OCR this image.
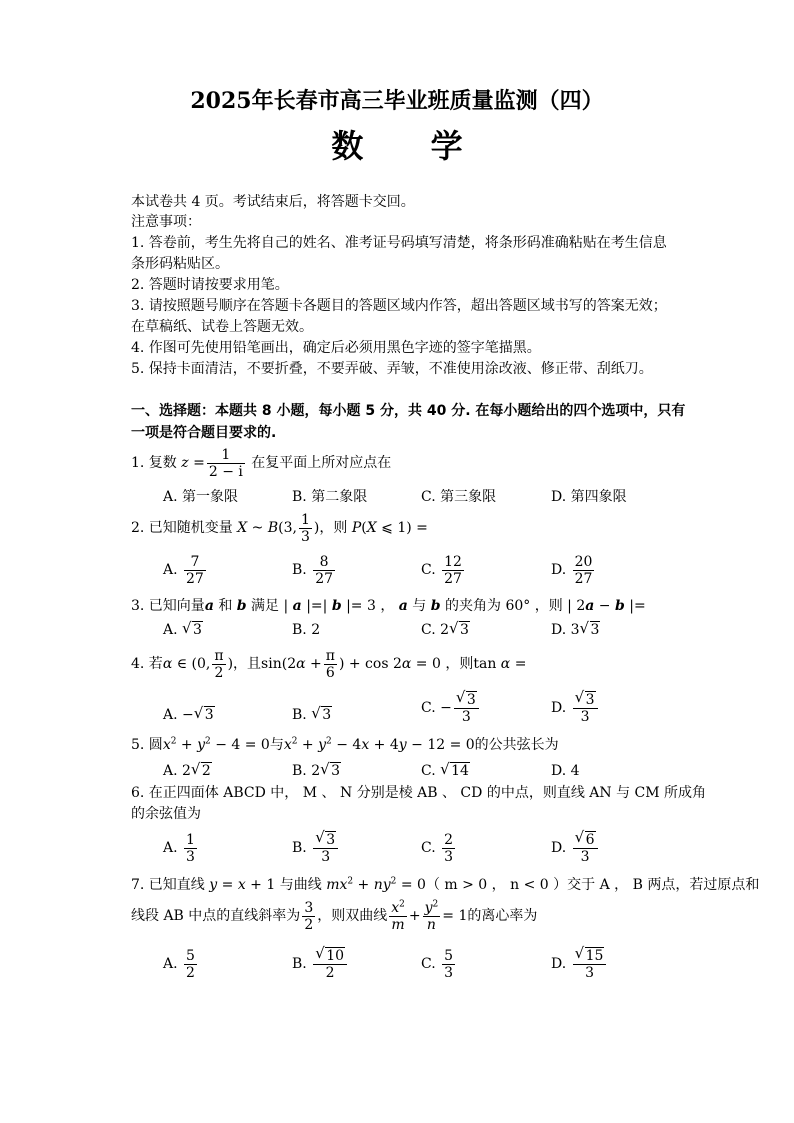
2025年长春市高三毕业班质量监测（四）
数 学
本试卷共 4 页。考试结束后，将答题卡交回。
注意事项：
1. 答卷前，考生先将自己的姓名、准考证号码填写清楚，将条形码准确粘贴在考生信息
条形码粘贴区。
2. 答题时请按要求用笔。
3. 请按照题号顺序在答题卡各题目的答题区域内作答，超出答题区域书写的答案无效；
在草稿纸、试卷上答题无效。
4. 作图可先使用铅笔画出，确定后必须用黑色字迹的签字笔描黑。
5. 保持卡面清洁，不要折叠，不要弄破、弄皱，不准使用涂改液、修正带、刮纸刀。
一、选择题：本题共 8 小题，每小题 5 分，共 40 分. 在每小题给出的四个选项中，只有
一项是符合题目要求的.
1. 复数 $z = \frac{1}{2 - i}$ 在复平面上所对应点在
A. 第一象限	B. 第二象限	C. 第三象限	D. 第四象限
2. 已知随机变量 X ~ B(3, $\frac{1}{3}$ )，则 P(X ⩽ 1) =
A. $\frac{7}{27}$	B. $\frac{8}{27}$	C. $\frac{12}{27}$	D. $\frac{20}{27}$
3. 已知向量a 和 b 满足 | a |=| b |= 3 ， a 与 b 的夹角为 60° ，则 | 2a − b |=
A. √ 3	B. 2	C. 2 √ 3	D. 3 √ 3
4. 若α ∈ (0, $\frac{\pi}{2}$ )，且$\sin(2\alpha + \frac{\pi}{6}$ ) + cos 2α = 0 ，则tan α =
A. − √ 3	B. √ 3	C. − $\frac{√ 3}{3}$	D. $\frac{√ 3}{3}$
5. 圆$x^2 + y^2 - 4 = 0$与$x^2 + y^2 - 4x + 4y - 12 = 0$的公共弦长为
A. 2 √ 2	B. 2 √ 3	C. √ 14	D. 4
6. 在正四面体 ABCD 中， M 、 N 分别是棱 AB 、 CD 的中点，则直线 AN 与 CM 所成角
的余弦值为
A. $\frac{1}{3}$	B. $\frac{√ 3}{3}$	C. $\frac{2}{3}$	D. $\frac{√ 6}{3}$
7. 已知直线 y = x + 1 与曲线 $mx^2 + ny^2 = 0$（ m > 0 ， n < 0 ）交于 A ， B 两点，若过原点和
线段 AB 中点的直线斜率为 $\frac{3}{2}$ ，则双曲线 $\frac{x^2}{m} + \frac{y^2}{n} = 1$的离心率为
A. $\frac{5}{2}$	B. $\frac{√ 10}{2}$	C. $\frac{5}{3}$	D. $\frac{√ 15}{3}$
